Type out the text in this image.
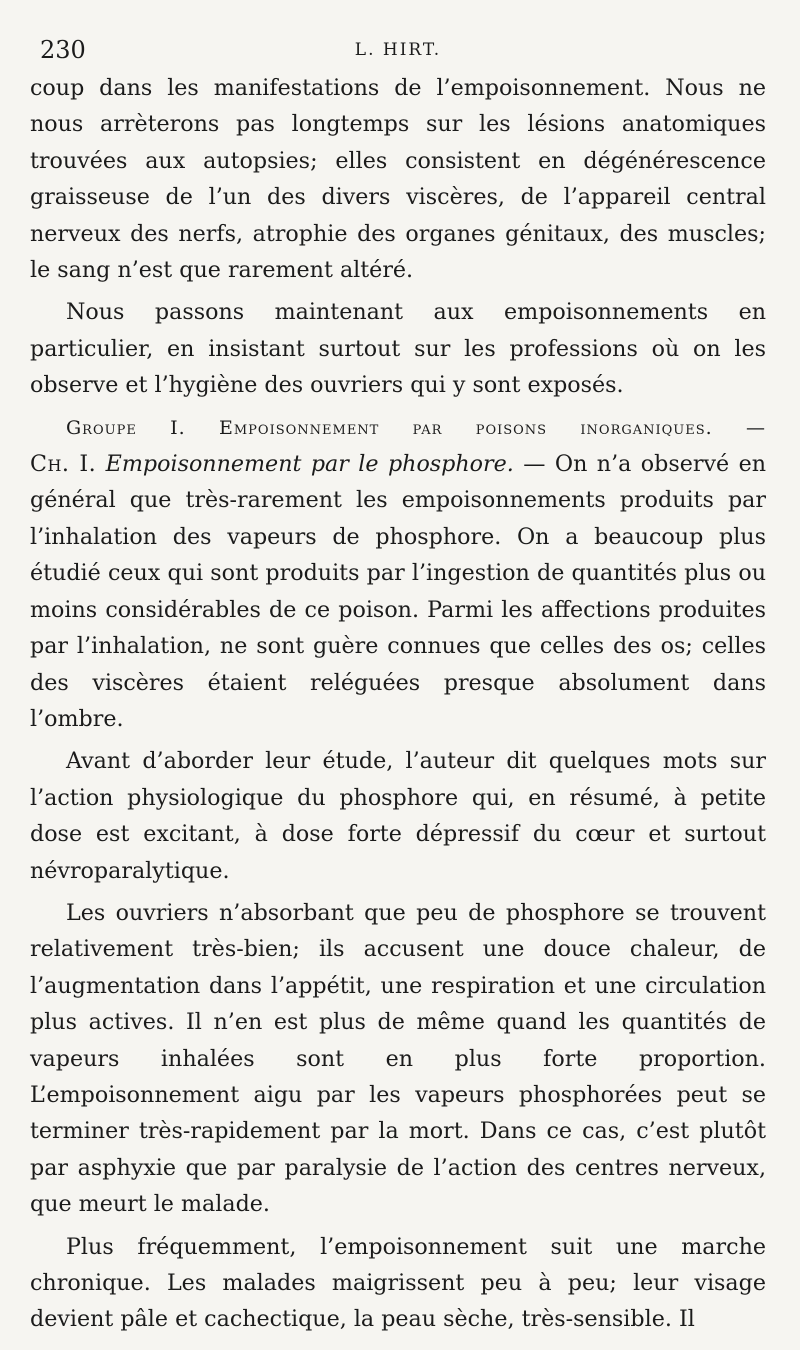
230	L. HIRT.

coup dans les manifestations de l’empoisonnement. Nous ne nous arrèterons pas longtemps sur les lésions anatomiques trouvées aux autopsies; elles consistent en dégénérescence graisseuse de l’un des divers viscères, de l’appareil central nerveux des nerfs, atrophie des organes génitaux, des muscles; le sang n’est que rarement altéré.

Nous passons maintenant aux empoisonnements en particulier, en insistant surtout sur les professions où on les observe et l’hygiène des ouvriers qui y sont exposés.

Groupe I. Empoisonnement par poisons inorganiques. —

Ch. I. Empoisonnement par le phosphore. — On n’a observé en général que très-rarement les empoisonnements produits par l’inhalation des vapeurs de phosphore. On a beaucoup plus étudié ceux qui sont produits par l’ingestion de quantités plus ou moins considérables de ce poison. Parmi les affections produites par l’inhalation, ne sont guère connues que celles des os; celles des viscères étaient reléguées presque absolument dans l’ombre.

Avant d’aborder leur étude, l’auteur dit quelques mots sur l’action physiologique du phosphore qui, en résumé, à petite dose est excitant, à dose forte dépressif du cœur et surtout névroparalytique.

Les ouvriers n’absorbant que peu de phosphore se trouvent relativement très-bien; ils accusent une douce chaleur, de l’augmentation dans l’appétit, une respiration et une circulation plus actives. Il n’en est plus de même quand les quantités de vapeurs inhalées sont en plus forte proportion. L’empoisonnement aigu par les vapeurs phosphorées peut se terminer très-rapidement par la mort. Dans ce cas, c’est plutôt par asphyxie que par paralysie de l’action des centres nerveux, que meurt le malade.

Plus fréquemment, l’empoisonnement suit une marche chronique. Les malades maigrissent peu à peu; leur visage devient pâle et cachectique, la peau sèche, très-sensible. Il
